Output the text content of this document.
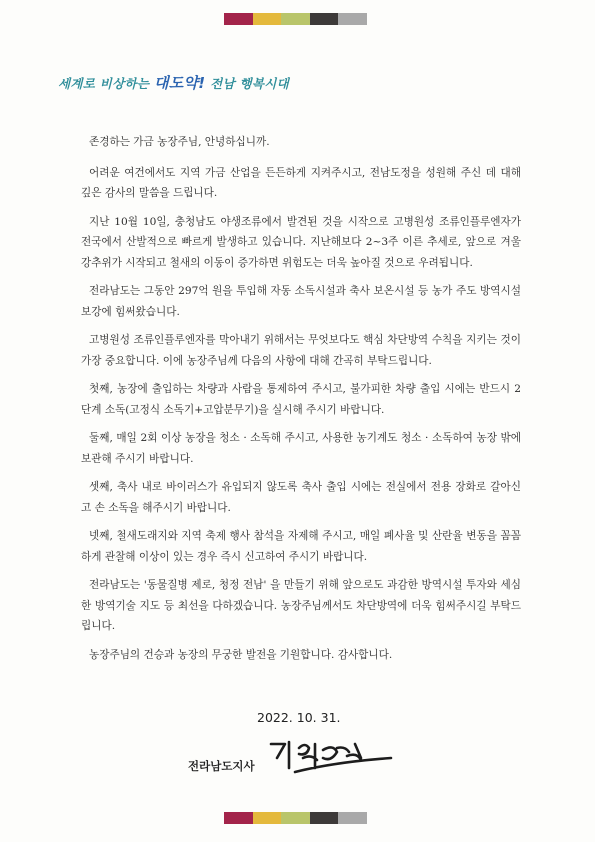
세계로 비상하는 대도약! 전남 행복시대

존경하는 가금 농장주님, 안녕하십니까.

어려운 여건에서도 지역 가금 산업을 든든하게 지켜주시고, 전남도정을 성원해 주신 데 대해 깊은 감사의 말씀을 드립니다.

지난 10월 10일, 충청남도 야생조류에서 발견된 것을 시작으로 고병원성 조류인플루엔자가 전국에서 산발적으로 빠르게 발생하고 있습니다. 지난해보다 2~3주 이른 추세로, 앞으로 겨울 강추위가 시작되고 철새의 이동이 증가하면 위험도는 더욱 높아질 것으로 우려됩니다.

전라남도는 그동안 297억 원을 투입해 자동 소독시설과 축사 보온시설 등 농가 주도 방역시설 보강에 힘써왔습니다.

고병원성 조류인플루엔자를 막아내기 위해서는 무엇보다도 핵심 차단방역 수칙을 지키는 것이 가장 중요합니다. 이에 농장주님께 다음의 사항에 대해 간곡히 부탁드립니다.

첫째, 농장에 출입하는 차량과 사람을 통제하여 주시고, 불가피한 차량 출입 시에는 반드시 2단계 소독(고정식 소독기+고압분무기)을 실시해 주시기 바랍니다.

둘째, 매일 2회 이상 농장을 청소 · 소독해 주시고, 사용한 농기계도 청소 · 소독하여 농장 밖에 보관해 주시기 바랍니다.

셋째, 축사 내로 바이러스가 유입되지 않도록 축사 출입 시에는 전실에서 전용 장화로 갈아신고 손 소독을 해주시기 바랍니다.

넷째, 철새도래지와 지역 축제 행사 참석을 자제해 주시고, 매일 폐사율 및 산란율 변동을 꼼꼼하게 관찰해 이상이 있는 경우 즉시 신고하여 주시기 바랍니다.

전라남도는 '동물질병 제로, 청정 전남' 을 만들기 위해 앞으로도 과감한 방역시설 투자와 세심한 방역기술 지도 등 최선을 다하겠습니다. 농장주님께서도 차단방역에 더욱 힘써주시길 부탁드립니다.

농장주님의 건승과 농장의 무궁한 발전을 기원합니다. 감사합니다.

2022. 10. 31.
전라남도지사
